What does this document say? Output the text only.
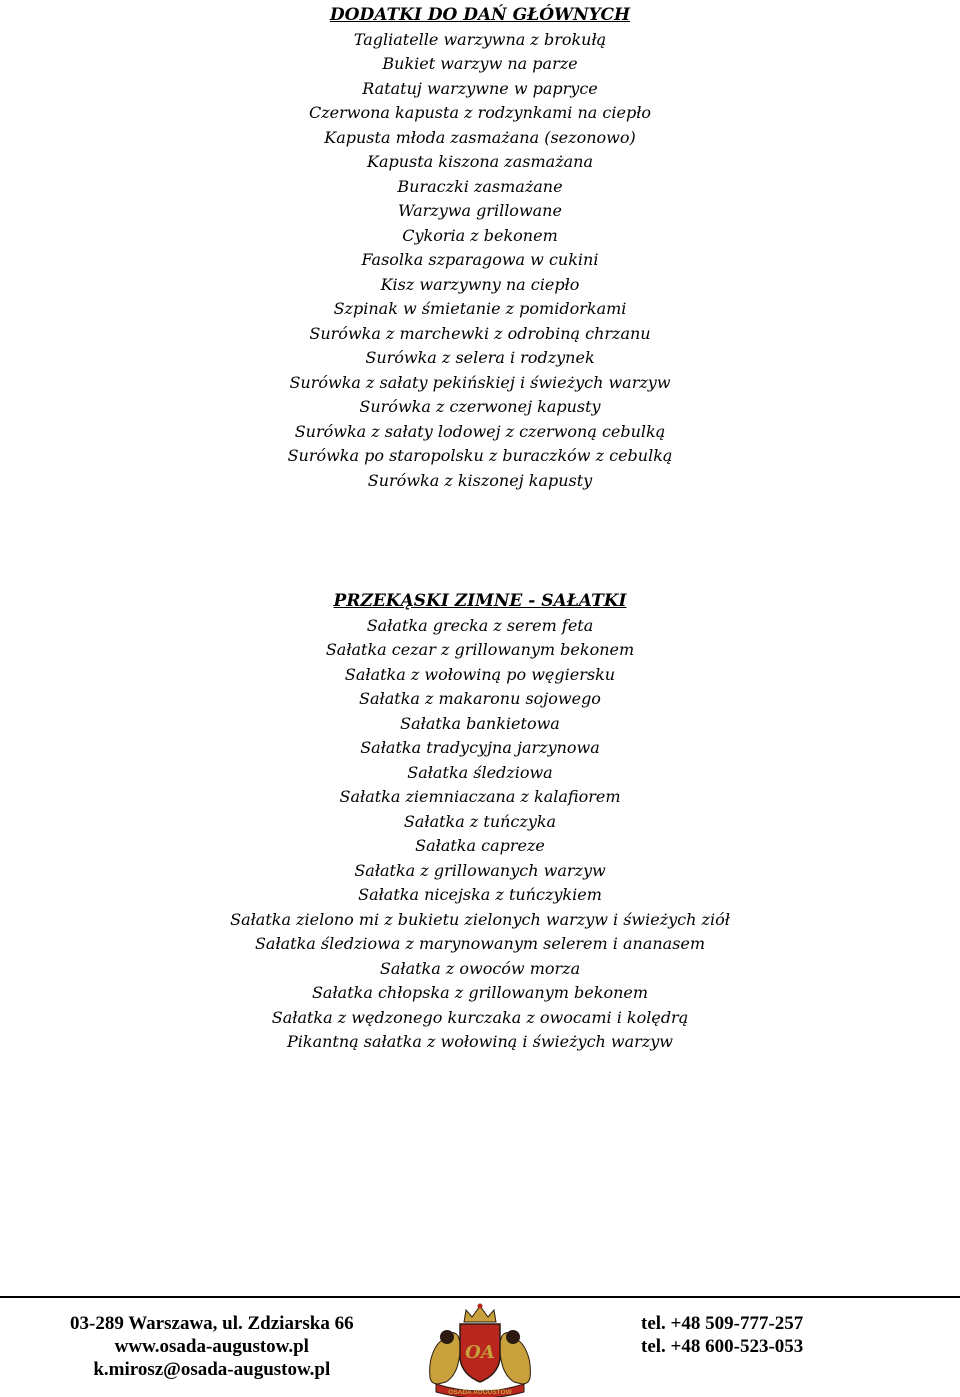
DODATKI DO DAŃ GŁÓWNYCH
Tagliatelle warzywna z brokułą
Bukiet warzyw na parze
Ratatuj warzywne w papryce
Czerwona kapusta z rodzynkami na ciepło
Kapusta młoda zasmażana (sezonowo)
Kapusta kiszona zasmażana
Buraczki zasmażane
Warzywa grillowane
Cykoria z bekonem
Fasolka szparagowa w cukini
Kisz warzywny na ciepło
Szpinak w śmietanie z pomidorkami
Surówka z marchewki z odrobiną chrzanu
Surówka z selera i rodzynek
Surówka z sałaty pekińskiej i świeżych warzyw
Surówka z czerwonej kapusty
Surówka z sałaty lodowej z czerwoną cebulką
Surówka po staropolsku z buraczków z cebulką
Surówka z kiszonej kapusty
PRZEKĄSKI ZIMNE - SAŁATKI
Sałatka grecka z serem feta
Sałatka cezar z grillowanym bekonem
Sałatka z wołowiną po węgiersku
Sałatka z makaronu sojowego
Sałatka bankietowa
Sałatka tradycyjna jarzynowa
Sałatka śledziowa
Sałatka ziemniaczana z kalafiorem
Sałatka z tuńczyka
Sałatka capreze
Sałatka z grillowanych warzyw
Sałatka nicejska z tuńczykiem
Sałatka zielono mi z bukietu zielonych warzyw i świeżych ziół
Sałatka śledziowa z marynowanym selerem i ananasem
Sałatka z owoców morza
Sałatka chłopska z grillowanym bekonem
Sałatka z wędzonego kurczaka z owocami i kolędrą
Pikantną sałatka z wołowiną i świeżych warzyw
03-289 Warszawa, ul. Zdziarska 66
www.osada-augustow.pl
k.mirosz@osada-augustow.pl
OA
OSADA AUGUSTÓW
tel. +48 509-777-257
tel. +48 600-523-053
